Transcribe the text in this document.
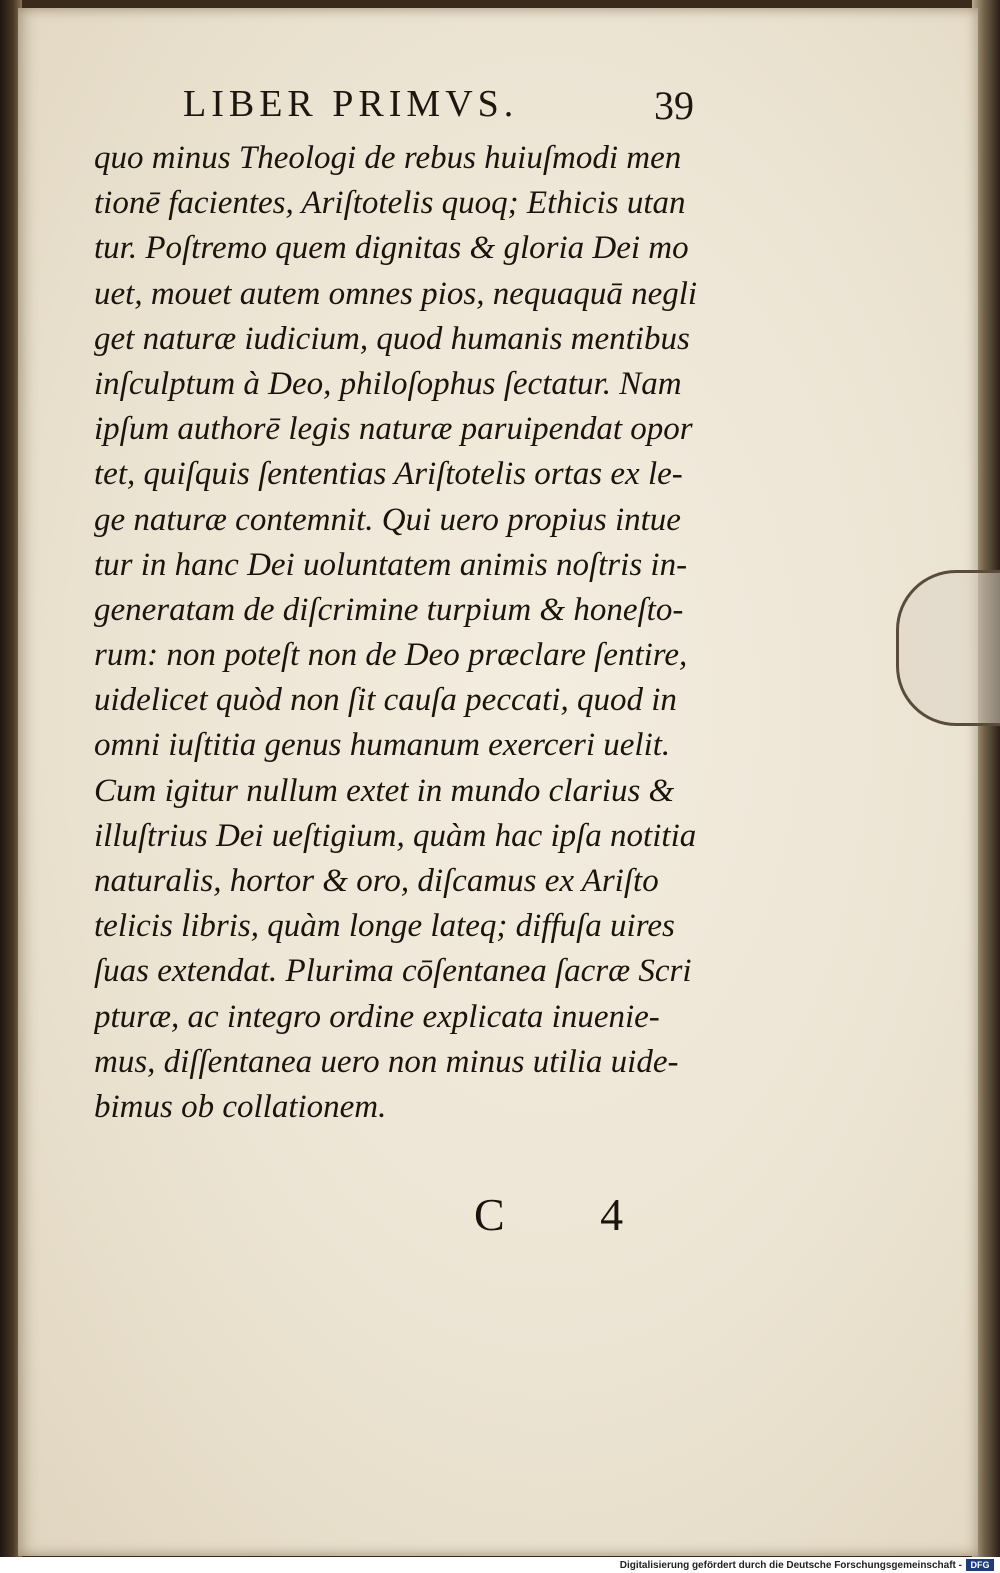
LIBER PRIMVS.	39
quo minus Theologi de rebus huiuſmodi men
tionē facientes, Ariſtotelis quoq; Ethicis utan
tur. Poſtremo quem dignitas & gloria Dei mo
uet, mouet autem omnes pios, nequaquā negli
get naturæ iudicium, quod humanis mentibus
inſculptum à Deo, philoſophus ſectatur. Nam
ipſum authorē legis naturæ paruipendat opor
tet, quiſquis ſententias Ariſtotelis ortas ex le-
ge naturæ contemnit. Qui uero propius intue
tur in hanc Dei uoluntatem animis noſtris in-
generatam de diſcrimine turpium & honeſto-
rum: non poteſt non de Deo præclare ſentire,
uidelicet quòd non ſit cauſa peccati, quod in
omni iuſtitia genus humanum exerceri uelit.
Cum igitur nullum extet in mundo clarius &
illuſtrius Dei ueſtigium, quàm hac ipſa notitia
naturalis, hortor & oro, diſcamus ex Ariſto
telicis libris, quàm longe lateq; diffuſa uires
ſuas extendat. Plurima cōſentanea ſacræ Scri
pturæ, ac integro ordine explicata inuenie-
mus, diſſentanea uero non minus utilia uide-
bimus ob collationem.
C 4
Digitalisierung gefördert durch die Deutsche Forschungsgemeinschaft - DFG
